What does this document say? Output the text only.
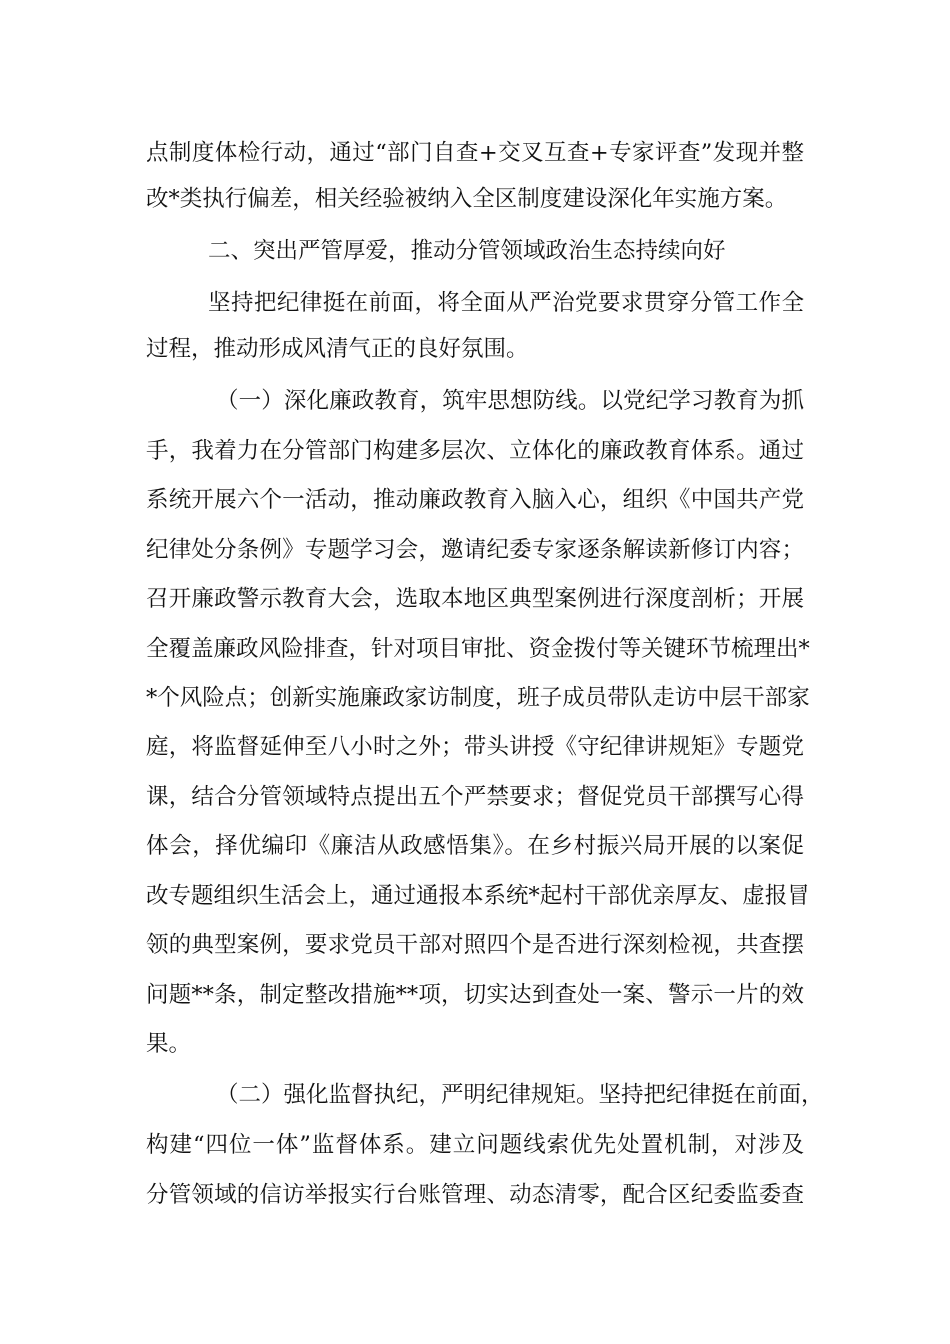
点制度体检行动，通过“部门自查+交叉互查+专家评查”发现并整

改*类执行偏差，相关经验被纳入全区制度建设深化年实施方案。

二、突出严管厚爱，推动分管领域政治生态持续向好

坚持把纪律挺在前面，将全面从严治党要求贯穿分管工作全

过程，推动形成风清气正的良好氛围。

（一）深化廉政教育，筑牢思想防线。以党纪学习教育为抓

手，我着力在分管部门构建多层次、立体化的廉政教育体系。通过

系统开展六个一活动，推动廉政教育入脑入心，组织《中国共产党

纪律处分条例》专题学习会，邀请纪委专家逐条解读新修订内容；

召开廉政警示教育大会，选取本地区典型案例进行深度剖析；开展

全覆盖廉政风险排查，针对项目审批、资金拨付等关键环节梳理出*

*个风险点；创新实施廉政家访制度，班子成员带队走访中层干部家

庭，将监督延伸至八小时之外；带头讲授《守纪律讲规矩》专题党

课，结合分管领域特点提出五个严禁要求；督促党员干部撰写心得

体会，择优编印《廉洁从政感悟集》。在乡村振兴局开展的以案促

改专题组织生活会上，通过通报本系统*起村干部优亲厚友、虚报冒

领的典型案例，要求党员干部对照四个是否进行深刻检视，共查摆

问题**条，制定整改措施**项，切实达到查处一案、警示一片的效

果。

（二）强化监督执纪，严明纪律规矩。坚持把纪律挺在前面，

构建“四位一体”监督体系。建立问题线索优先处置机制，对涉及

分管领域的信访举报实行台账管理、动态清零，配合区纪委监委查
